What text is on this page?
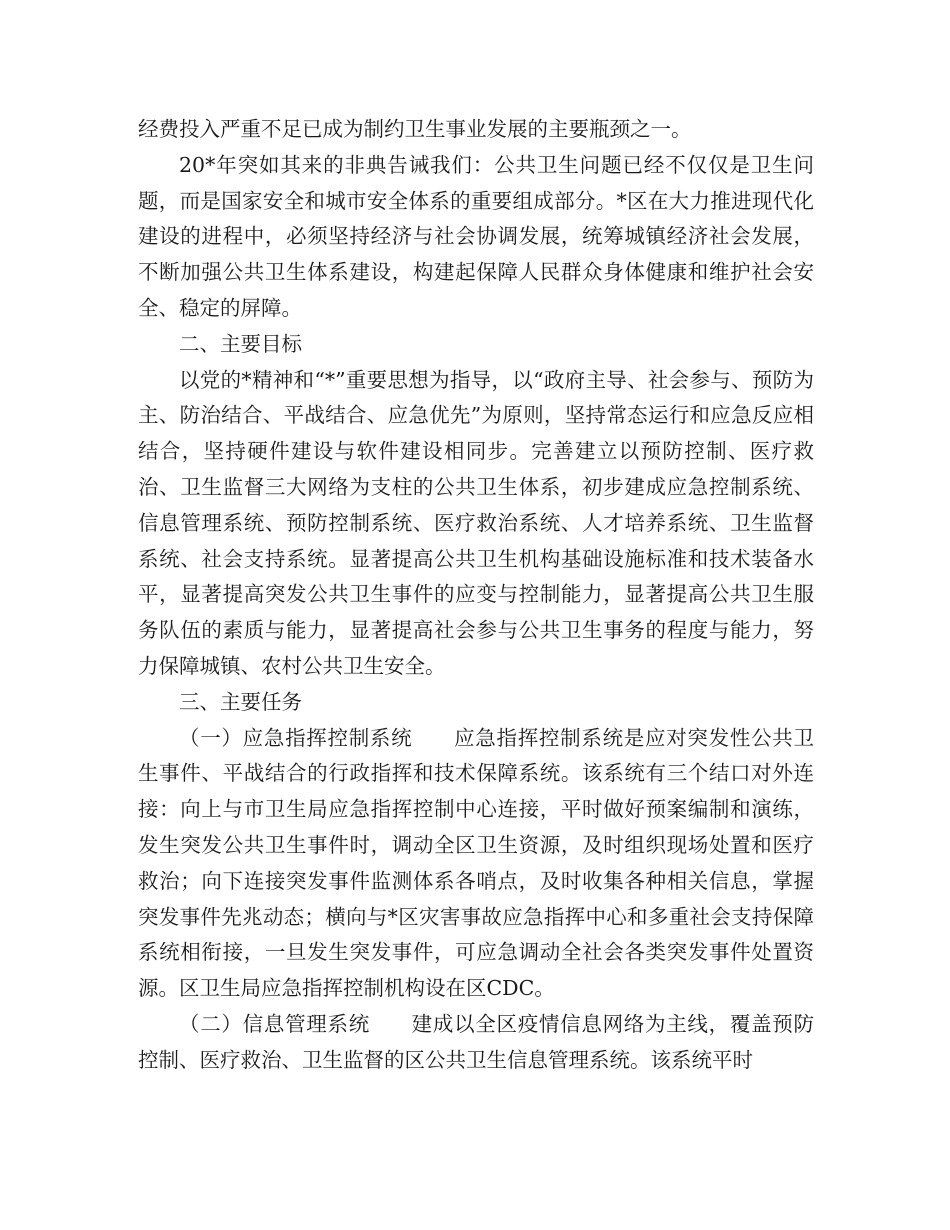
经费投入严重不足已成为制约卫生事业发展的主要瓶颈之一。

20*年突如其来的非典告诫我们：公共卫生问题已经不仅仅是卫生问题，而是国家安全和城市安全体系的重要组成部分。*区在大力推进现代化建设的进程中，必须坚持经济与社会协调发展，统筹城镇经济社会发展，不断加强公共卫生体系建设，构建起保障人民群众身体健康和维护社会安全、稳定的屏障。

二、主要目标

以党的*精神和“*”重要思想为指导，以“政府主导、社会参与、预防为主、防治结合、平战结合、应急优先”为原则，坚持常态运行和应急反应相结合，坚持硬件建设与软件建设相同步。完善建立以预防控制、医疗救治、卫生监督三大网络为支柱的公共卫生体系，初步建成应急控制系统、信息管理系统、预防控制系统、医疗救治系统、人才培养系统、卫生监督系统、社会支持系统。显著提高公共卫生机构基础设施标准和技术装备水平，显著提高突发公共卫生事件的应变与控制能力，显著提高公共卫生服务队伍的素质与能力，显著提高社会参与公共卫生事务的程度与能力，努力保障城镇、农村公共卫生安全。

三、主要任务

（一）应急指挥控制系统 应急指挥控制系统是应对突发性公共卫生事件、平战结合的行政指挥和技术保障系统。该系统有三个结口对外连接：向上与市卫生局应急指挥控制中心连接，平时做好预案编制和演练，发生突发公共卫生事件时，调动全区卫生资源，及时组织现场处置和医疗救治；向下连接突发事件监测体系各哨点，及时收集各种相关信息，掌握突发事件先兆动态；横向与*区灾害事故应急指挥中心和多重社会支持保障系统相衔接，一旦发生突发事件，可应急调动全社会各类突发事件处置资源。区卫生局应急指挥控制机构设在区CDC。

（二）信息管理系统 建成以全区疫情信息网络为主线，覆盖预防控制、医疗救治、卫生监督的区公共卫生信息管理系统。该系统平时
